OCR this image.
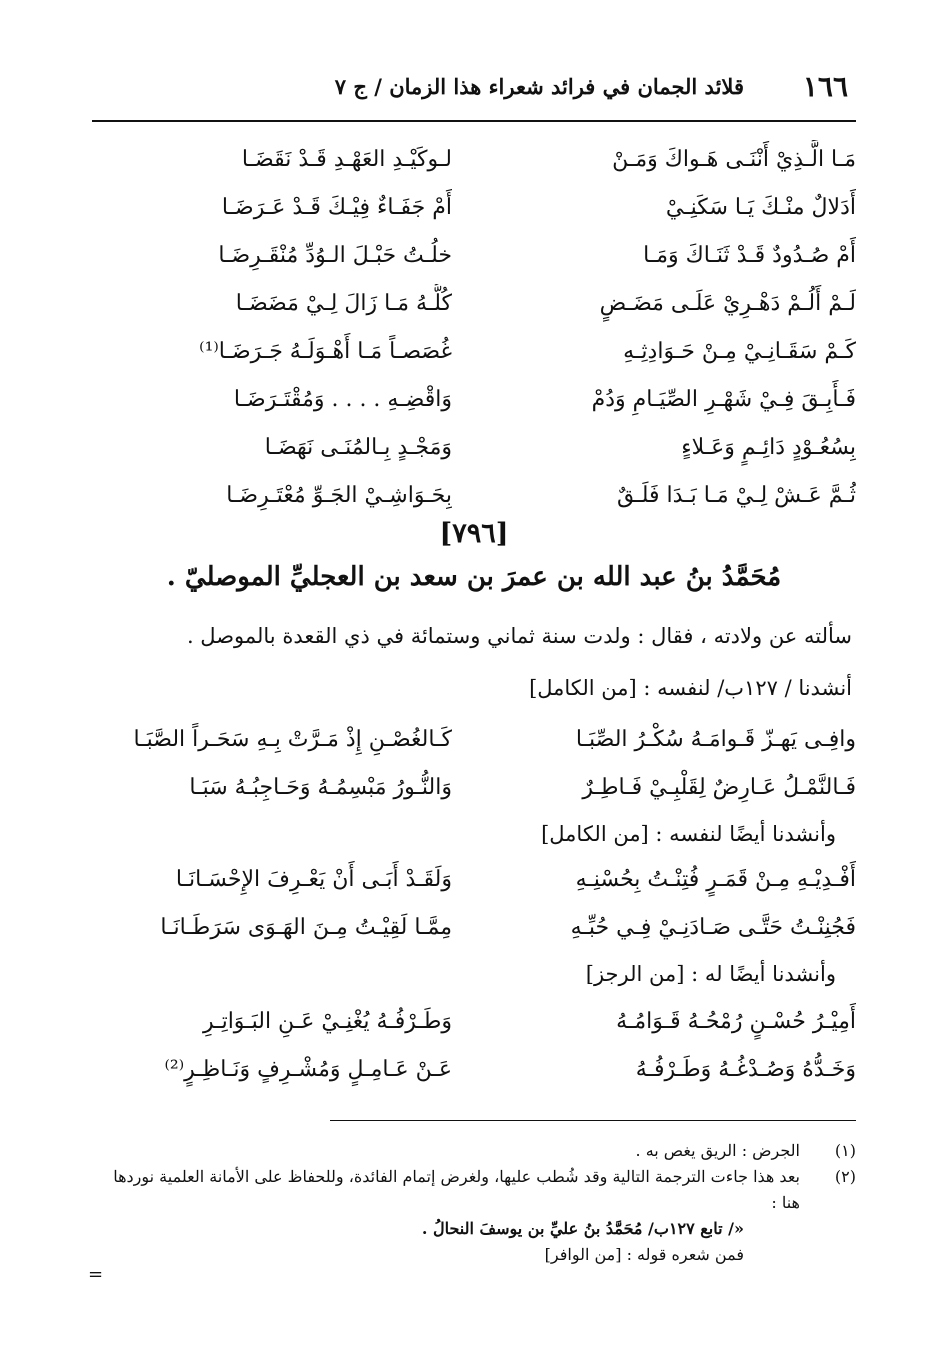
١٦٦
قلائد الجمان في فرائد شعراء هذا الزمان / ج ٧
مَـا الَّـذِيْ أَنْنَـى هَـواكَ وَمَـنْ
لـوكَيْـدِ العَهْـدِ قَـدْ نَقَضَـا
أَدَلالٌ منْـكَ يَـا سَكَنِـيْ
أَمْ جَفَـاءٌ فِيْـكَ قَـدْ عَـرَضَـا
أَمْ صُـدُودٌ قَـدْ ثَنَـاكَ وَمَـا
خلُـتُ حَبْـلَ الـوُدِّ مُنْقَـرِضَـا
لَـمْ أَلُـمْ دَهْـرِيْ عَلَـى مَضَـضٍ
كُلُّـهُ مَـا زَالَ لِـيْ مَضَضَـا
كَـمْ سَقَـانِـيْ مِـنْ حَـوَادِثِـهِ
غُصَصـاً مَـا أَهْـوَلَـهُ جَـرَضَـا⁽¹⁾
فَـأَبِـقَ فِـيْ شَهْـرِ الصِّيَـامِ وَدُمْ
وَاقْضِـهِ . . . . وَمُقْتَـرَضَـا
بِسُعُـوْدٍ دَائِـمٍ وَعَـلاءٍ
وَمَجْـدٍ بِـالمُنَـى نَهَضَـا
ثُـمَّ عَـشْ لِـيْ مَـا بَـدَا فَلَـقٌ
بِحَـوَاشِـيْ الجَـوِّ مُعْتَـرِضَـا
[٧٩٦]
مُحَمَّدُ بنُ عبد الله بن عمرَ بن سعد بن العجليِّ الموصليّ .
سألته عن ولادته ، فقال : ولدت سنة ثماني وستمائة في ذي القعدة بالموصل .
أنشدنا / ١٢٧ب/ لنفسه : [من الكامل]
وافِـى يَهـزّ قَـوامَـهُ سُكْـرُ الصِّبَـا
كَـالغُصْـنِ إِذْ مَـرَّتْ بِـهِ سَحَـراً الصَّبَـا
فَـالنَّمْـلُ عَـارِضٌ لِقَلْبِـيْ فَـاطِـرٌ
وَالنُّـورُ مَبْسِمُـهُ وَحَـاجِبُـهُ سَبَـا
وأنشدنا أيضًا لنفسه : [من الكامل]
أَفْـدِيْـهِ مِـنْ قَمَـرٍ فُتِنْـتُ بِحُسْنِـهِ
وَلَقَـدْ أَبَـى أَنْ يَعْـرِفَ الإِحْسَـانَـا
فَجُنِنْـتُ حَتَّـى صَـادَنِـيْ فِـي حُبِّـهِ
مِمَّـا لَقِيْـتُ مِـنَ الهَـوَى سَرَطَـانَـا
وأنشدنا أيضًا له : [من الرجز]
أَمِيْـرُ حُسْـنٍ رُمْحُـهُ قَـوَامُـهُ
وَطَـرْفُـهُ يُغْنِـيْ عَـنِ البَـوَاتِـرِ
وَخَـدُّهُ وَصُـدْغُـهُ وَطَـرْفُـهُ
عَـنْ عَـامِـلٍ وَمُشْـرِفٍ وَنَـاظِـرٍ⁽²⁾
(١)
الجرض : الريق يغص به .
(٢)
بعد هذا جاءت الترجمة التالية وقد شُطب عليها، ولغرض إتمام الفائدة، وللحفاظ على الأمانة العلمية نوردها هنا :
«/ تابع ١٢٧ب/ مُحَمَّدُ بنُ عليِّ بن يوسفَ النحالُ .
فمن شعره قوله : [من الوافر]
=
